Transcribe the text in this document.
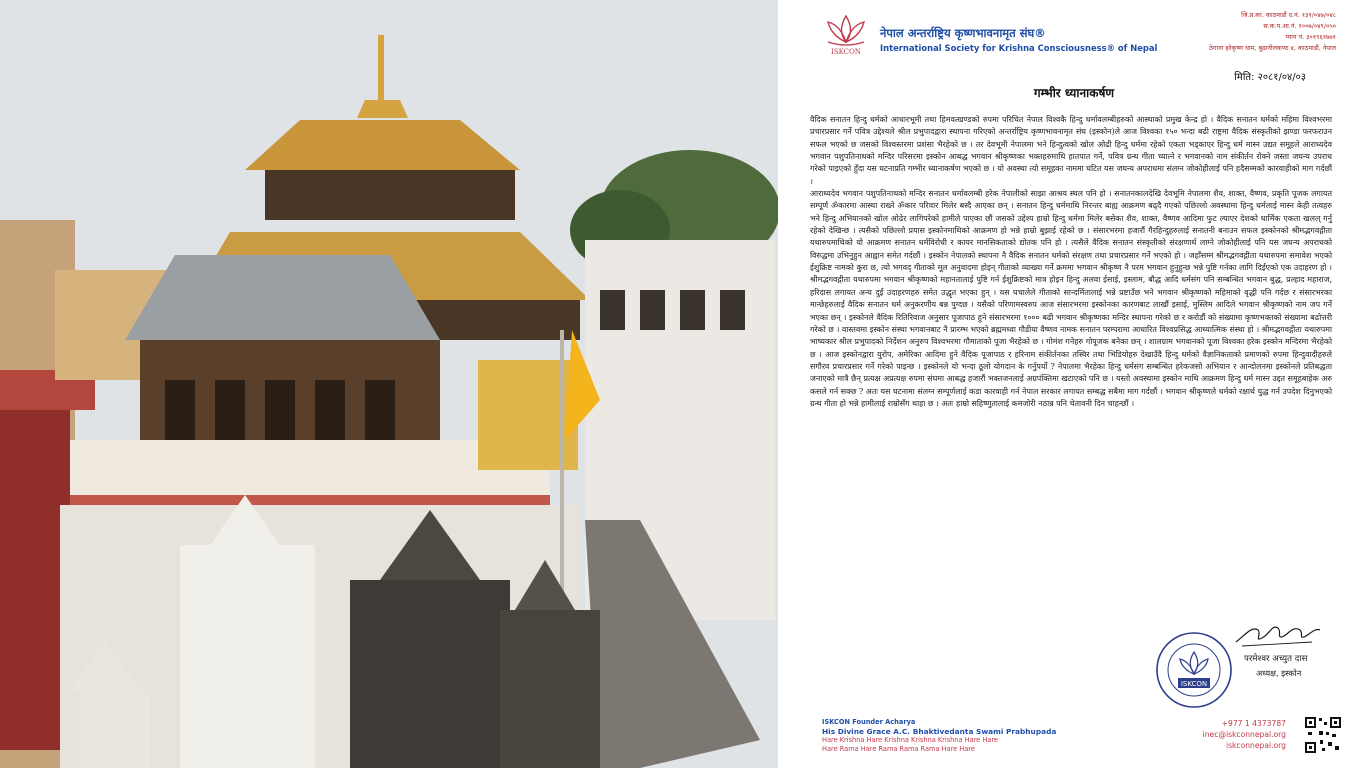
ISKCON
नेपाल अन्तर्राष्ट्रिय कृष्णभावनामृत संघ®
International Society for Krishna Consciousness® of Nepal
जि.प्र.का. काठमाडौं द.नं. १३९/०४७/०४८
स.क.प.आ.नं. १००७/०४९/०५०
प्यान नं. ३०१९६१७७१
ठेगाना हरेकृष्ण धाम, बुढानीलकण्ठ ४, काठमाडौं, नेपाल
मिति: २०८१/०४/०३
गम्भीर ध्यानाकर्षण

वैदिक सनातन हिन्दु धर्मको आधारभूमी तथा हिमवत्खण्डको रुपमा परिचित नेपाल विश्वकै हिन्दु धर्मावलम्बीहरुको आस्थाको प्रमुख केन्द्र हो । वैदिक सनातन धर्मको महिमा विश्वभरमा प्रचारप्रसार गर्ने पवित्र उद्देश्यले श्रील प्रभुपादद्वारा स्थापना गरिएको अन्तर्राष्ट्रिय कृष्णभावनामृत संघ (इस्कोन)ले आज विश्वका १५० भन्दा बढी राष्ट्रमा वैदिक संस्कृतीको झण्डा फरफराउन सफल भएको छ जसको विश्वस्तरमा प्रशंसा भैरहेको छ । तर देवभूमी नेपालमा भने हिन्दुत्वको खोल ओढी हिन्दु धर्ममा रहेको एकता भड्काएर हिन्दु धर्म मास्न उद्यत समूहले आराध्यदेव भगवान पशुपतिनाथको मन्दिर परिसरमा इस्कोन आबद्ध भगवान श्रीकृष्णका भक्तहरुमाथि हातपात गर्ने, पवित्र ग्रन्थ गीता च्यात्ने र भगवानको नाम संकीर्तन रोक्ने जस्ता जघन्य उपराध गरेको पाइएको हुँदा यस घटनाप्रति गम्भीर ध्यानाकर्षण भएको छ । यो अवस्था त्यो समूहका नाममा घटित यस जघन्य अपराधमा संलग्न जोकोहीलाई पनि हदैसम्मको कारवाहीको माग गर्दछौं ।

आराध्यदेव भगवान पशुपतिनाथको मन्दिर सनातन धर्मावलम्बी हरेक नेपालीको साझा आश्रय स्थल पनि हो । सनातनकालदेखि देवभूमि नेपालमा शैव, शाक्त, वैष्णव, प्रकृति पूजक लगायत सम्पूर्ण ॐकारमा आस्था राख्ने ॐकार परिवार मिलेर बस्दै आएका छन् । सनातन हिन्दु धर्ममाथि निरन्तर बाह्य आक्रमण बढ्दै गएको पछिल्लो अवस्थामा हिन्दु धर्मलाई मास्न केही तत्वहरु भने हिन्दु अभियानको खोल ओढेर लागिपरेको हामीले पाएका छौं जसको उद्देश्य हाम्रो हिन्दु धर्ममा मिलेर बसेका शैव, शाक्त, वैष्णव आदिमा फुट ल्याएर देशको धार्मिक एकता खलल् गर्नु रहेको देखिन्छ । त्यसैको पछिल्लो प्रयास इस्कोनमाथिको आक्रमण हो भन्ने हाम्रो बुझाई रहेको छ । संसारभरमा हजारौं गैरहिन्दुहरुलाई सनातनी बनाउन सफल इस्कोनको श्रीमद्भगवद्गीता यथारुपमाथिको यो आक्रमण सनातन धर्मविरोधी र कायर मानसिकताको द्योतक पनि हो । त्यसैले वैदिक सनातन संस्कृतीको संरक्षणार्थ लाग्ने जोकोहीलाई पनि यस जघन्य अपराधको विरुद्धमा उभिनुहुन आह्वान समेत गर्दछौं । इस्कोन नेपालको स्थापना नै वैदिक सनातन धर्मको संरक्षण तथा प्रचारप्रसार गर्ने भएको हो । जहाँसम्म श्रीमद्भगवद्गीता यथारुपमा समावेश भएको ईशुक्रिष्ट नामको कुरा छ, त्यो भगवद् गीताको मूल अनुवादमा होइन् गीताको व्याख्या गर्ने क्रममा भगवान श्रीकृष्ण नै परम भगवान हुनुहुन्छ भन्ने पुष्टि गर्नका लागि दिईएको एक उदाहरण हो । श्रीमद्भगवद्गीता यथारुपमा भगवान श्रीकृष्णको महानतालाई पुष्टि गर्न ईशुक्रिष्टको मात्र होइन हिन्दु अलवा ईसाई, इस्लाम, बौद्ध आदि धर्मसंग पनि सम्बन्धित भगवान बुद्ध, प्रल्हाद महाराज, हरिदास लगायत अन्य दुर्ई उदाहरणहरु समेत उद्धृत भएका हुन् । यस घचालेले गीताको सान्दर्मितालाई भन्ने प्रष्टाउँछ भने भगवान श्रीकृष्णको महिमाको वृद्धी पनि गर्दछ र संसारभरका मान्छेहरुलाई वैदिक सनातन धर्म अनुकरणीय बन्न पुग्दछ । यसैको परिणामस्वरुप आज संसारभरमा इस्कोनका कारणबाट लाखौं इसाई, मुस्लिम आदिले भगवान श्रीकृष्णको नाम जप गर्ने भएका छन् । इस्कोनले वैदिक रितिरिवाज अनुसार पूजापाठ हुने संसारभरमा १००० बढी भगवान श्रीकृष्णका मन्दिर स्थापना गरेको छ र करोडौं को संख्यामा कृष्णभक्तको संख्यामा बढोत्तरी गरेको छ । वास्तवमा इस्कोन संस्था भगवानबाट नै प्रारम्भ भएको ब्रह्ममध्वा गौडीया वैष्णव नामक सनातन परम्परामा आधारित विश्वप्रसिद्ध आध्यात्मिक संस्था हो । श्रीमद्भगवद्गीता यथारुपमा भाष्यकार श्रील प्रभुपादको निर्देशन अनुरुप विश्वभरमा गौमाताको पूजा भैरहेको छ । गोमंश गनेहरु गोपूजक बनेका छन् । शालग्राम भगवानको पूजा विश्वका हरेक इस्कोन मन्दिरमा भैरहेको छ । आज इस्कोनद्वारा युरोप, अमेरिका आदिमा हुने वैदिक पूजापाठ र हरिनाम संकीर्तनका तस्विर तथा भिडियोहरु देखाउँदै हिन्दु धर्मको वैज्ञानिकताको प्रमाणको रुपमा हिन्दुवादीहरुले सगौरव प्रचारप्रसार गर्ने गरेको पाइन्छ । इस्कोनले यो भन्दा ठूलो योगदान के गर्नुपर्यो ? नेपालमा भैरहेका हिन्दु धर्मसंग सम्बन्धित हरेकजसो अभियान र आन्दोलनमा इस्कोनले प्रतिबद्धता जनाएको मात्रै छैन् प्रत्यक्ष अप्रत्यक्ष रुपमा संघमा आबद्ध हजारौं भक्तजनलाई अग्रपंक्तिमा खटाएको पनि छ । यस्तो अवस्थामा इस्कोन माथि आक्रमण हिन्दु धर्म मास्न उद्दत समूहबाहेक अरु कसले गर्न सक्छ ? अतः यस घटनामा संलग्न सम्पूर्णलाई कडा कारवाही गर्न नेपाल सरकार लगायत सम्बद्ध सबैमा माग गर्दछौं । भगवान श्रीकृष्णले धर्मको रक्षार्थ युद्ध गर्न उपदेश दिनुभएको ग्रन्थ गीता हो भन्ने हामीलाई राम्रोसँग थाहा छ । अतः हाम्रो सहिष्णुतालाई कमजोरी नठान्न पनि चेतावनी दिन चाहन्छौं ।

ISKCON
परमेश्वर अच्युत दास
अध्यक्ष, इस्कोन
ISKCON Founder Acharya
His Divine Grace A.C. Bhaktivedanta Swami Prabhupada
Hare Krishna Hare Krishna Krishna Krishna Hare Hare
Hare Rama Hare Rama Rama Rama Hare Hare
+977 1 4373787
inec@iskconnepal.org
iskconnepal.org
